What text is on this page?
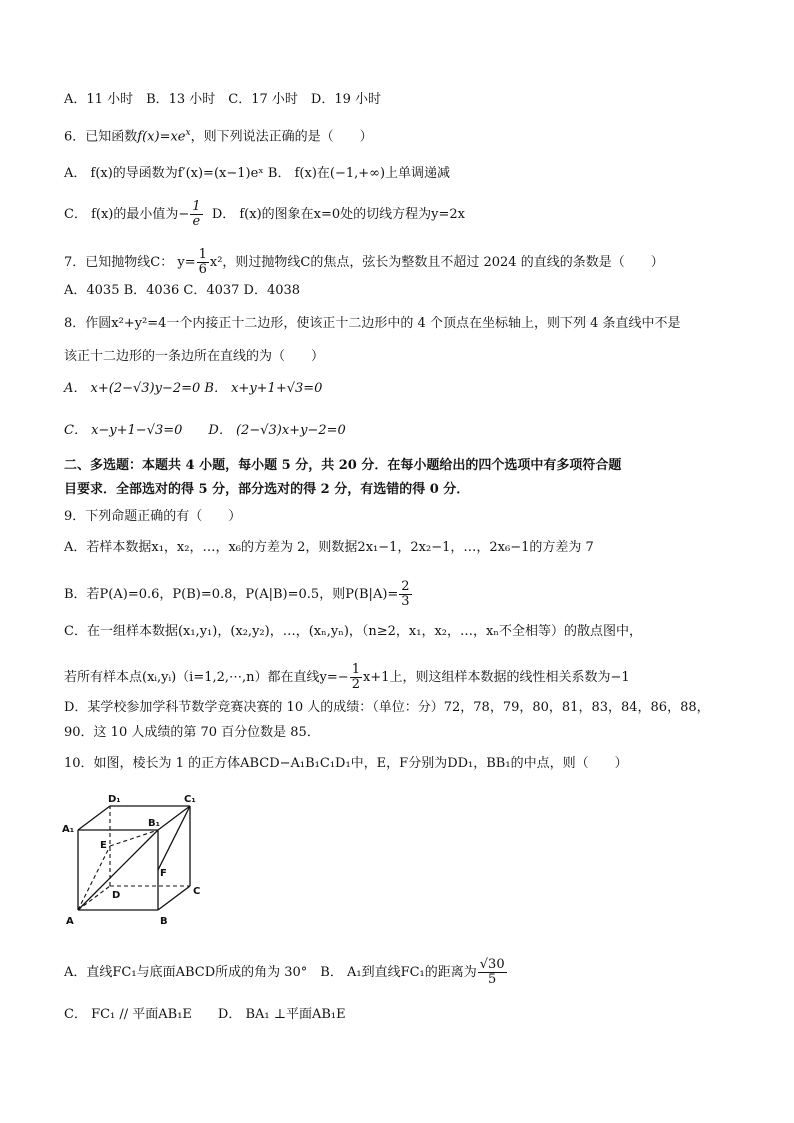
A．11 小时　B．13 小时　C．17 小时　D．19 小时
6．已知函数$f(x)=xe^x$，则下列说法正确的是（　　）
A． f(x)的导函数为f′(x)=(x−1)eˣ B． f(x)在(−1,+∞)上单调递减
C． f(x)的最小值为− $\frac{1}{e}$ D． f(x)的图象在x=0处的切线方程为y=2x
7．已知抛物线C： $y= \frac{1}{6} x^2$，则过抛物线C的焦点，弦长为整数且不超过 2024 的直线的条数是（　　）
A．4035 B．4036 C．4037 D．4038
8．作圆x²+y²=4一个内接正十二边形，使该正十二边形中的 4 个顶点在坐标轴上，则下列 4 条直线中不是
该正十二边形的一条边所在直线的为（　　）
A． x+(2−√3)y−2=0 B． x+y+1+√3=0
C． x−y+1−√3=0　　D． (2−√3)x+y−2=0
二、多选题：本题共 4 小题，每小题 5 分，共 20 分．在每小题给出的四个选项中有多项符合题
目要求．全部选对的得 5 分，部分选对的得 2 分，有选错的得 0 分．
9．下列命题正确的有（　　）
A．若样本数据x₁，x₂，…，x₆的方差为 2，则数据2x₁−1，2x₂−1，…，2x₆−1的方差为 7
B．若P(A)=0.6，P(B)=0.8，P(A|B)=0.5，则$P(B|A)= \frac{2}{3}$
C．在一组样本数据(x₁,y₁)，(x₂,y₂)，…，(xₙ,yₙ)，（n≥2，x₁，x₂，…，xₙ不全相等）的散点图中，
若所有样本点(xᵢ,yᵢ)（i=1,2,⋯,n）都在直线$y=- \frac{1}{2} x+1$上，则这组样本数据的线性相关系数为−1
D．某学校参加学科节数学竞赛决赛的 10 人的成绩：（单位：分）72，78，79，80，81，83，84，86，88，
90．这 10 人成绩的第 70 百分位数是 85．
10．如图，棱长为 1 的正方体ABCD−A₁B₁C₁D₁中，E，F分别为DD₁，BB₁的中点，则（　　）
A	B
C
D
A₁
B₁
C₁
D₁
E
F
A．直线FC₁与底面ABCD所成的角为 30°　B． A₁到直线FC₁的距离为 $\frac{√30}{5}$
C． FC₁ // 平面AB₁E　　D． BA₁ ⊥平面AB₁E
